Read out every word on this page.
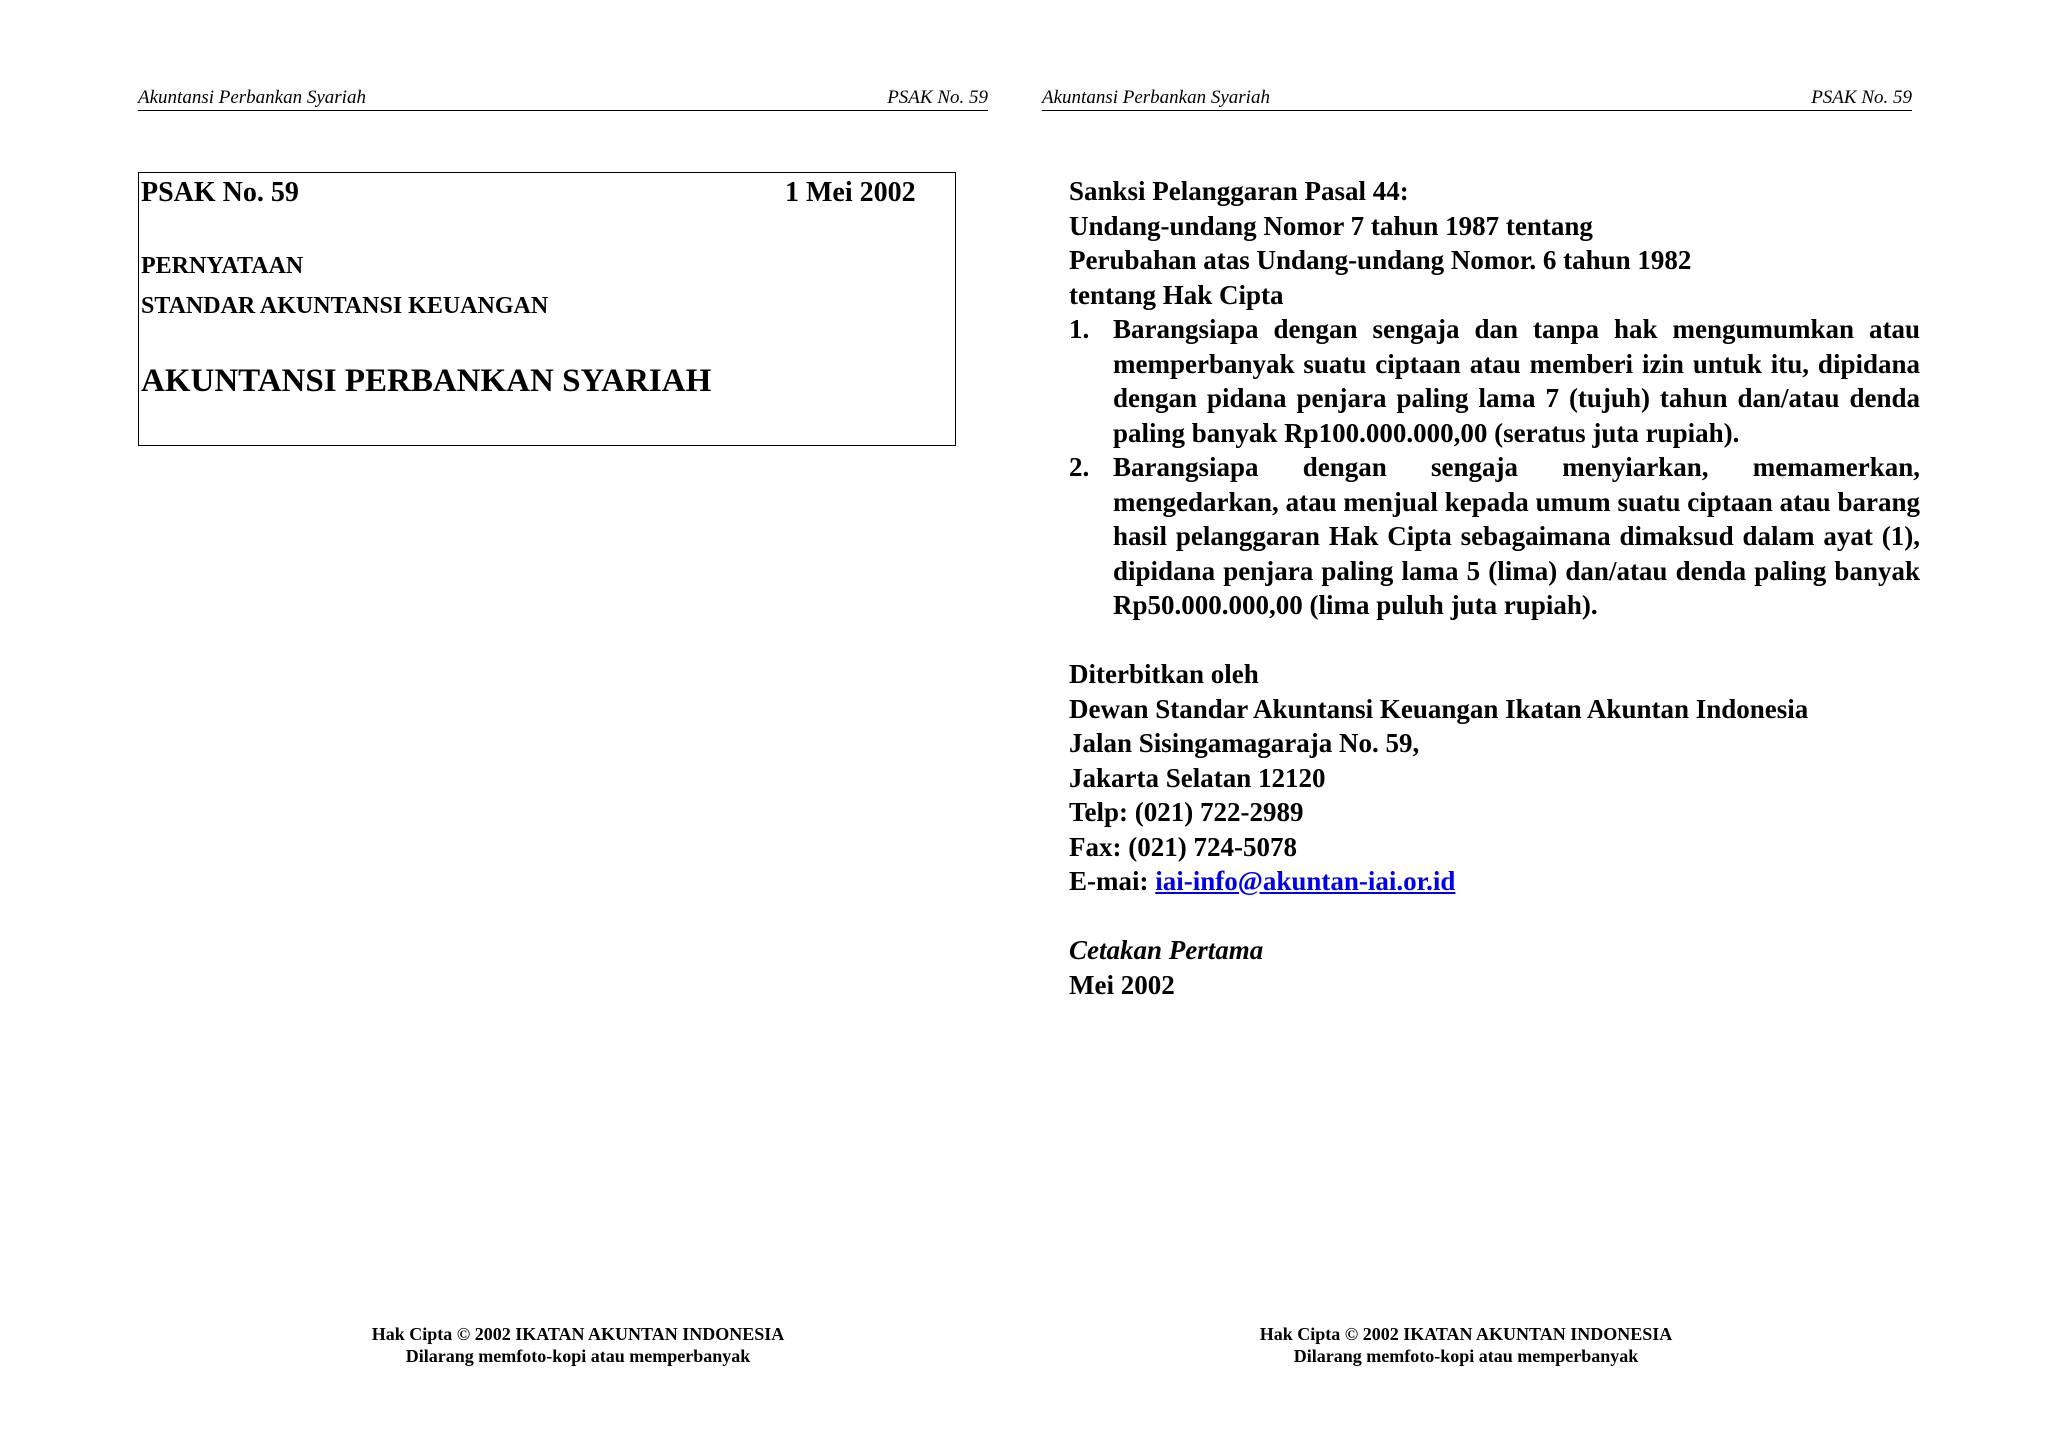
Akuntansi Perbankan Syariah	PSAK No. 59
PSAK No. 59	1 Mei 2002
PERNYATAAN
STANDAR AKUNTANSI KEUANGAN
AKUNTANSI PERBANKAN SYARIAH
Hak Cipta © 2002 IKATAN AKUNTAN INDONESIA
Dilarang memfoto-kopi atau memperbanyak
Akuntansi Perbankan Syariah	PSAK No. 59

Sanksi Pelanggaran Pasal 44:

Undang-undang Nomor 7 tahun 1987 tentang

Perubahan atas Undang-undang Nomor. 6 tahun 1982

tentang Hak Cipta

1. Barangsiapa dengan sengaja dan tanpa hak mengumumkan atau memperbanyak suatu ciptaan atau memberi izin untuk itu, dipidana dengan pidana penjara paling lama 7 (tujuh) tahun dan/atau denda paling banyak Rp100.000.000,00 (seratus juta rupiah).
2. Barangsiapa dengan sengaja menyiarkan, memamerkan, mengedarkan, atau menjual kepada umum suatu ciptaan atau barang hasil pelanggaran Hak Cipta sebagaimana dimaksud dalam ayat (1), dipidana penjara paling lama 5 (lima) dan/atau denda paling banyak Rp50.000.000,00 (lima puluh juta rupiah).

Diterbitkan oleh

Dewan Standar Akuntansi Keuangan Ikatan Akuntan Indonesia

Jalan Sisingamagaraja No. 59,

Jakarta Selatan 12120

Telp: (021) 722-2989

Fax: (021) 724-5078

E-mai: iai-info@akuntan-iai.or.id

Cetakan Pertama

Mei 2002

Hak Cipta © 2002 IKATAN AKUNTAN INDONESIA
Dilarang memfoto-kopi atau memperbanyak
